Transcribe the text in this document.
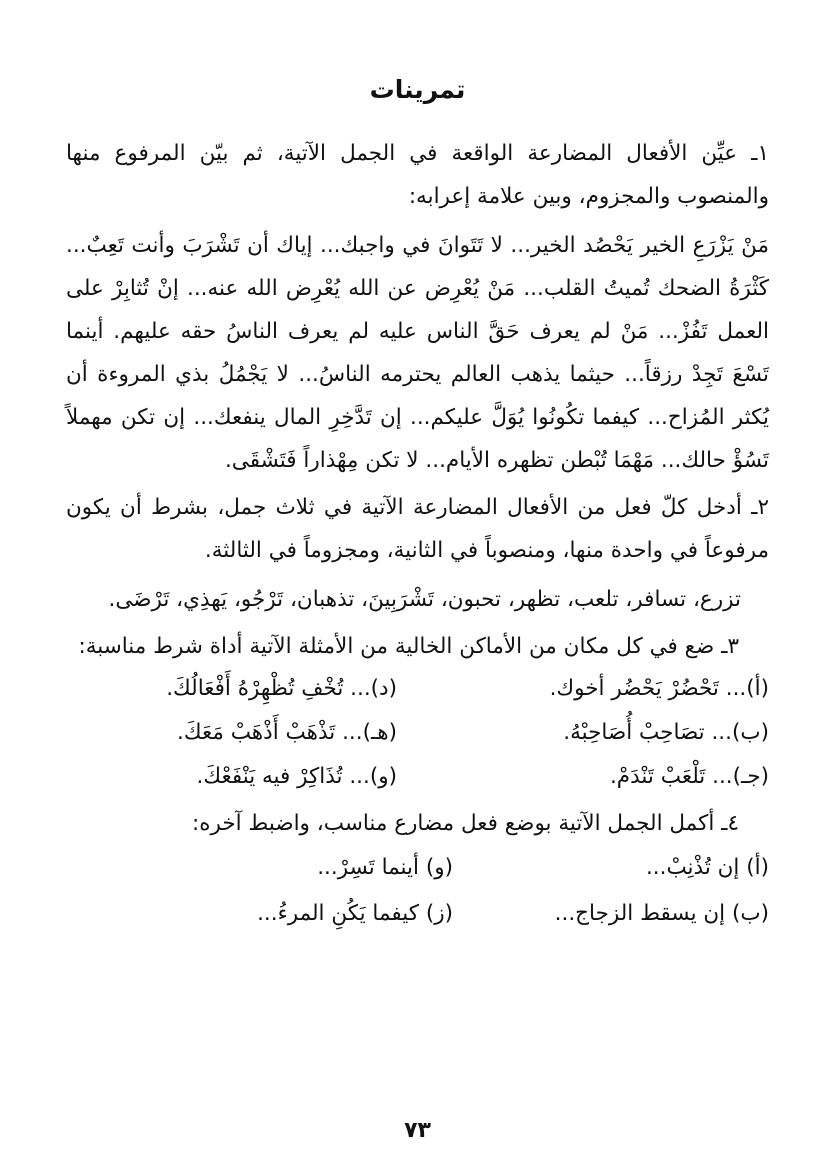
تمرينات

١ـ عيِّن الأفعال المضارعة الواقعة في الجمل الآتية، ثم بيّن المرفوع منها والمنصوب والمجزوم، وبين علامة إعرابه:

مَنْ يَزْرَعِ الخير يَحْصُد الخير... لا تَتَوانَ في واجبك... إياك أن تَشْرَبَ وأنت تَعِبٌ... كَثْرَةُ الضحك تُميتُ القلب... مَنْ يُعْرِض عن الله يُعْرِض الله عنه... إنْ تُثابِرْ على العمل تَفُزْ... مَنْ لم يعرف حَقَّ الناس عليه لم يعرف الناسُ حقه عليهم. أينما تَسْعَ تَجِدْ رزقاً... حيثما يذهب العالم يحترمه الناسُ... لا يَجْمُلُ بذي المروءة أن يُكثر المُزاح... كيفما تكُونُوا يُوَلَّ عليكم... إن تَدَّخِرِ المال ينفعك... إن تكن مهملاً تَسُؤْ حالك... مَهْمَا تُبْطن تظهره الأيام... لا تكن مِهْذاراً فَتَشْقَى.

٢ـ أدخل كلّ فعل من الأفعال المضارعة الآتية في ثلاث جمل، بشرط أن يكون مرفوعاً في واحدة منها، ومنصوباً في الثانية، ومجزوماً في الثالثة.

تزرع، تسافر، تلعب، تظهر، تحبون، تَشْرَبِينَ، تذهبان، تَرْجُو، يَهذِي، تَرْضَى.

٣ـ ضع في كل مكان من الأماكن الخالية من الأمثلة الآتية أداة شرط مناسبة:

(أ)... تَحْضُرْ يَحْضُر أخوك.
(د)... تُخْفِ تُظْهِرْهُ أَفْعَالُكَ.
(ب)... تصَاحِبْ أُصَاحِبْهُ.
(هـ)... تَذْهَبْ أَذْهَبْ مَعَكَ.
(جـ)... تَلْعَبْ تَنْدَمْ.
(و)... تُذَاكِرْ فيه يَنْفَعْكَ.

٤ـ أكمل الجمل الآتية بوضع فعل مضارع مناسب، واضبط آخره:

(أ) إن تُذْنِبْ...
(و) أينما تَسِرْ...
(ب) إن يسقط الزجاج...
(ز) كيفما يَكُنِ المرءُ...
٧٣
